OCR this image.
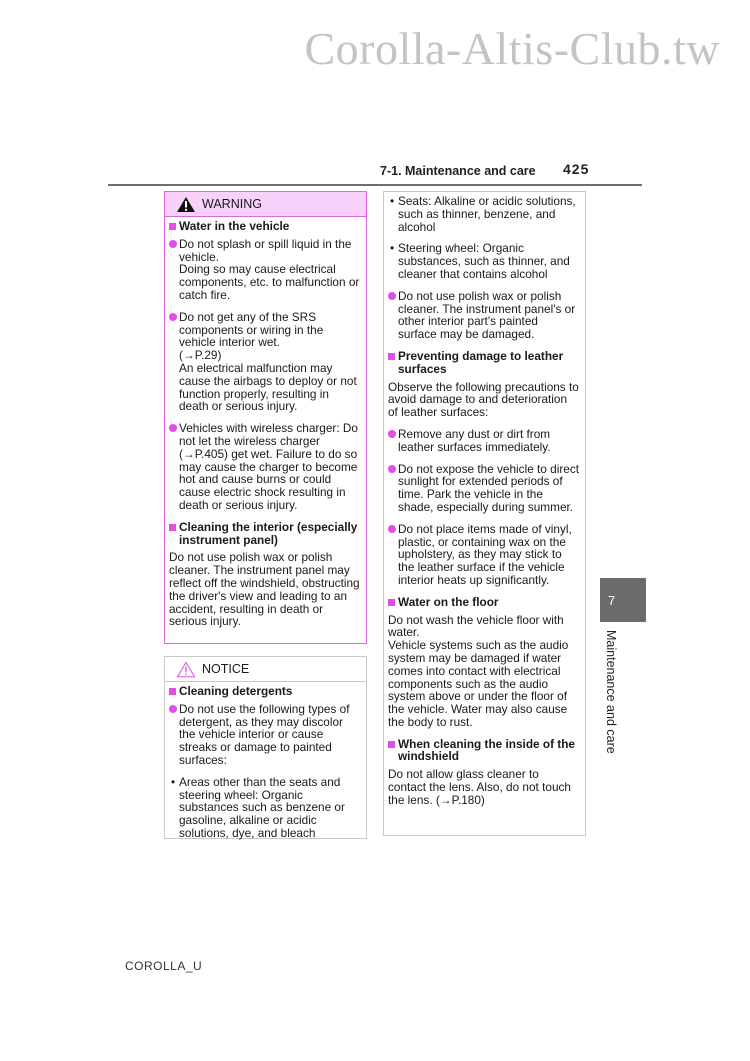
Corolla-Altis-Club.tw
7-1. Maintenance and care 425
WARNING

Water in the vehicle

Do not splash or spill liquid in the vehicle.
Doing so may cause electrical components, etc. to malfunction or catch fire.
Do not get any of the SRS components or wiring in the vehicle interior wet.
(→P.29)
An electrical malfunction may cause the airbags to deploy or not function properly, resulting in death or serious injury.
Vehicles with wireless charger: Do not let the wireless charger (→P.405) get wet. Failure to do so may cause the charger to become hot and cause burns or could cause electric shock resulting in death or serious injury.

Cleaning the interior (especially instrument panel)

Do not use polish wax or polish cleaner. The instrument panel may reflect off the windshield, obstructing the driver's view and leading to an accident, resulting in death or serious injury.

NOTICE

Cleaning detergents

Do not use the following types of detergent, as they may discolor the vehicle interior or cause streaks or damage to painted surfaces:
• Areas other than the seats and steering wheel: Organic substances such as benzene or gasoline, alkaline or acidic solutions, dye, and bleach
• Seats: Alkaline or acidic solutions, such as thinner, benzene, and alcohol
• Steering wheel: Organic substances, such as thinner, and cleaner that contains alcohol
Do not use polish wax or polish cleaner. The instrument panel's or other interior part's painted surface may be damaged.

Preventing damage to leather surfaces

Observe the following precautions to avoid damage to and deterioration of leather surfaces:

Remove any dust or dirt from leather surfaces immediately.
Do not expose the vehicle to direct sunlight for extended periods of time. Park the vehicle in the shade, especially during summer.
Do not place items made of vinyl, plastic, or containing wax on the upholstery, as they may stick to the leather surface if the vehicle interior heats up significantly.

Water on the floor

Do not wash the vehicle floor with water.
Vehicle systems such as the audio system may be damaged if water comes into contact with electrical components such as the audio system above or under the floor of the vehicle. Water may also cause the body to rust.

When cleaning the inside of the windshield

Do not allow glass cleaner to contact the lens. Also, do not touch the lens. (→P.180)

7
Maintenance and care
COROLLA_U
